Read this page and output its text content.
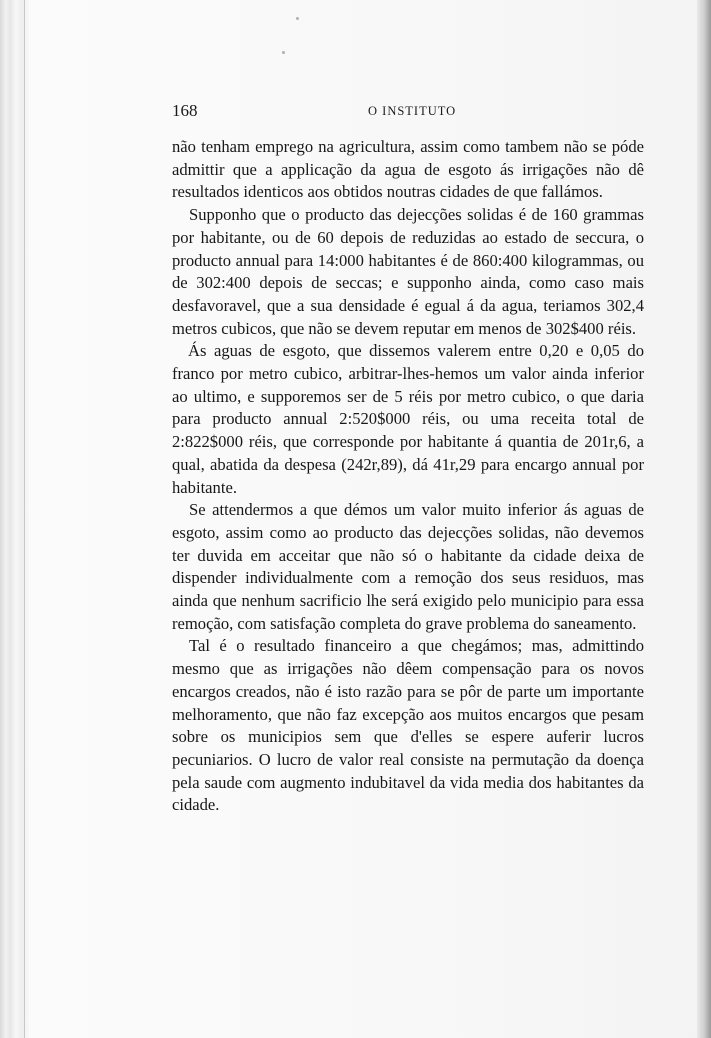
168	O INSTITUTO

não tenham emprego na agricultura, assim como tambem não se póde admittir que a applicação da agua de esgoto ás irrigações não dê resultados identicos aos obtidos noutras cidades de que fallámos.

Supponho que o producto das dejecções solidas é de 160 grammas por habitante, ou de 60 depois de reduzidas ao estado de seccura, o producto annual para 14:000 habitantes é de 860:400 kilogrammas, ou de 302:400 depois de seccas; e supponho ainda, como caso mais desfavoravel, que a sua densidade é egual á da agua, teriamos 302,4 metros cubicos, que não se devem reputar em menos de 302$400 réis.

Ás aguas de esgoto, que dissemos valerem entre 0,20 e 0,05 do franco por metro cubico, arbitrar-lhes-hemos um valor ainda inferior ao ultimo, e supporemos ser de 5 réis por metro cubico, o que daria para producto annual 2:520$000 réis, ou uma receita total de 2:822$000 réis, que corresponde por habitante á quantia de 201r,6, a qual, abatida da despesa (242r,89), dá 41r,29 para encargo annual por habitante.

Se attendermos a que démos um valor muito inferior ás aguas de esgoto, assim como ao producto das dejecções solidas, não devemos ter duvida em acceitar que não só o habitante da cidade deixa de dispender individualmente com a remoção dos seus residuos, mas ainda que nenhum sacrificio lhe será exigido pelo municipio para essa remoção, com satisfação completa do grave problema do saneamento.

Tal é o resultado financeiro a que chegámos; mas, admittindo mesmo que as irrigações não dêem compensação para os novos encargos creados, não é isto razão para se pôr de parte um importante melhoramento, que não faz excepção aos muitos encargos que pesam sobre os municipios sem que d'elles se espere auferir lucros pecuniarios. O lucro de valor real consiste na permutação da doença pela saude com augmento indubitavel da vida media dos habitantes da cidade.
